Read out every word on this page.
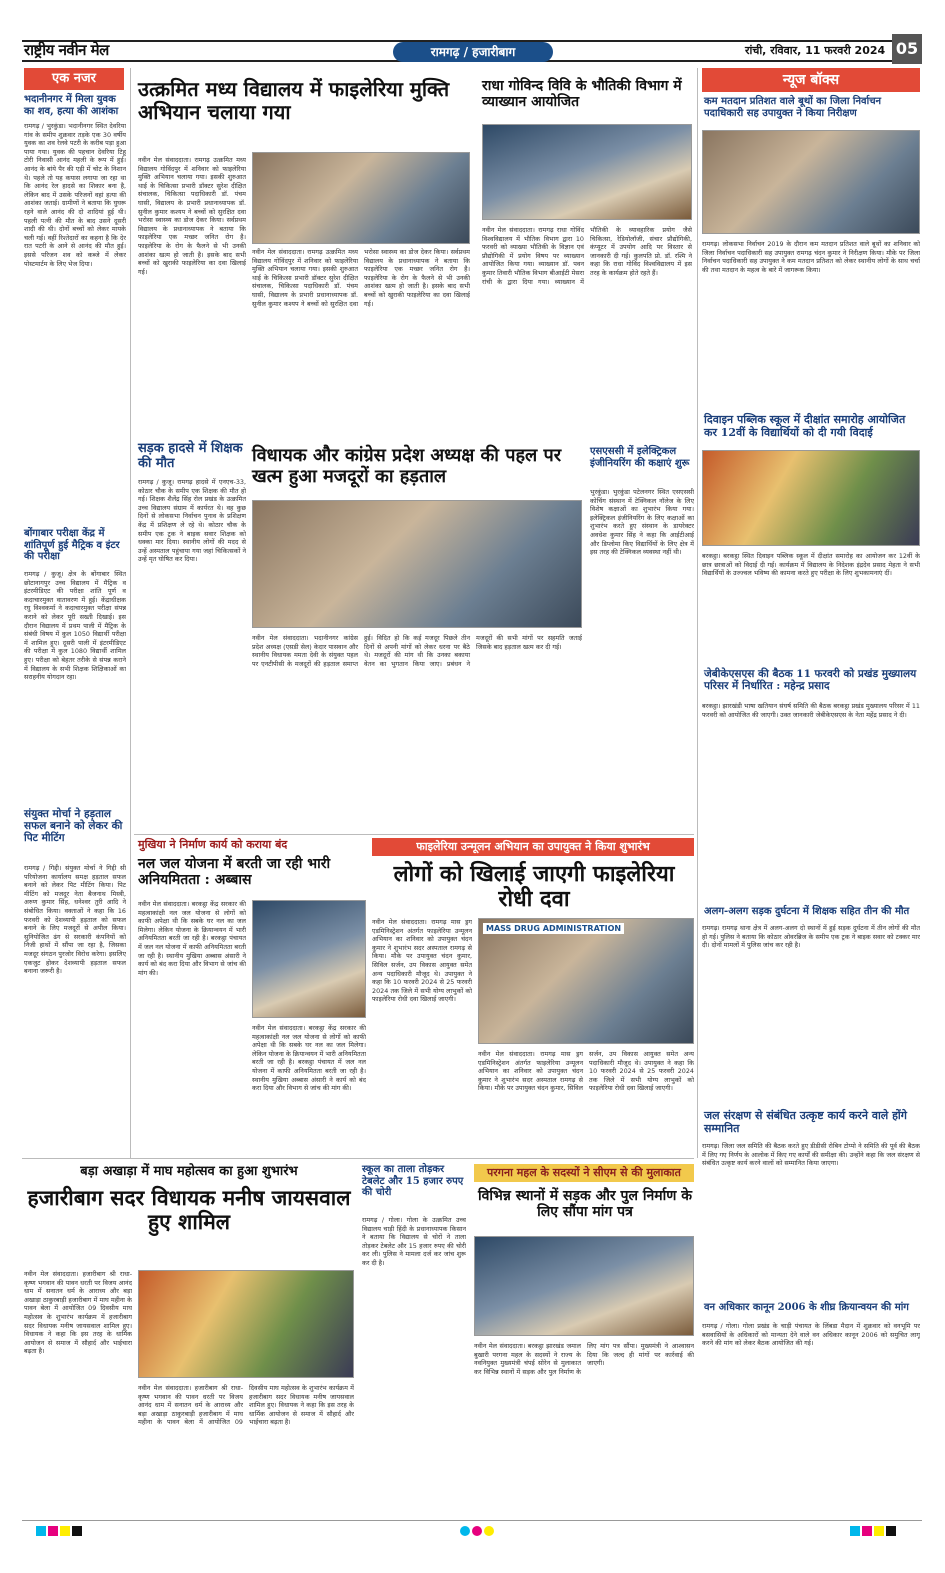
राष्ट्रीय नवीन मेल	रामगढ़ / हजारीबाग	रांची, रविवार, 11 फरवरी 2024 05
एक नजर
भदानीनगर में मिला युवक का शव, हत्या की आशंका
रामगढ़ / भुरकुंडा। भदानीनगर स्थित देवरिया गांव के समीप शुक्रवार तड़के एक 30 वर्षीय युवक का शव रेलवे पटरी के करीब पड़ा हुआ पाया गया। युवक की पहचान देवरिया टिहू टोरी निवासी आनंद महली के रूप में हुई। आनंद के बांये पैर की एड़ी में चोट के निशान थे। पहले तो यह कयास लगाया जा रहा था कि आनंद रेल हादसे का शिकार बना है, लेकिन बाद में उसके परिजनों वहां हत्या की आशंका जताई। ग्रामीणों ने बताया कि घुघरू रहने वाले आनंद की दो शादियां हुई थी। पहली पत्नी की मौत के बाद उसने दूसरी शादी की थी। दोनों बच्चों को लेकर मायके चली गई। वहीं रिश्तेदारों का कहना है कि देर रात पटरी के आने से आनंद की मौत हुई। इससे परिजन शव को कब्जे में लेकर पोस्टमार्टम के लिए भेज दिया।
बोंगाबार परीक्षा केंद्र में शांतिपूर्ण हुई मैट्रिक व इंटर की परीक्षा
रामगढ़ / कुजू। क्षेत्र के बोंगाबार स्थित छोटानागपुर उच्च विद्यालय में मैट्रिक व इंटरमीडिएट की परीक्षा शांति पूर्ण व कदाचारमुक्त वातावरण में हुई। केंद्राधीक्षक रघु विश्वकर्मा ने कदाचारमुक्त परीक्षा संपन्न कराने को लेकर पूरी सख्ती दिखाई। इस दौरान विद्यालय में प्रथम पाली में मैट्रिक के संबंधी विषय में कुल 1050 विद्यार्थी परीक्षा में शामिल हुए। दूसरी पाली में इंटरमीडिएट की परीक्षा में कुल 1080 विद्यार्थी शामिल हुए। परीक्षा को बेहतर तरीके से संपन्न कराने में विद्यालय के सभी शिक्षक शिक्षिकाओं का सराहनीय योगदान रहा।
संयुक्त मोर्चा ने हड़ताल सफल बनाने को लेकर की पिट मीटिंग
रामगढ़ / गिद्दी। संयुक्त मोर्चा ने गिद्दी सी परियोजना कार्यालय समक्ष हड़ताल सफल बनाने को लेकर पिट मीटिंग किया। पिट मीटिंग को मजदूर नेता बैजनाथ मिस्त्री, अरुण कुमार सिंह, धनेश्वर तुरी आदि ने संबोधित किया। वक्ताओं ने कहा कि 16 फरवरी को देशव्यापी हड़ताल को सफल बनाने के लिए मजदूरों से अपील किया। सुनियोजित ढंग से सरकारी कंपनियों को निजी हाथों में सौंपा जा रहा है, जिसका मजदूर संगठन पुरजोर विरोध करेगा। इसलिए एकजुट होकर देशव्यापी हड़ताल सफल बनाना जरूरी है।
उत्क्रमित मध्य विद्यालय में फाइलेरिया मुक्ति अभियान चलाया गया
नवीन मेल संवाददाता। रामगढ़ उत्क्रमित मध्य विद्यालय गोविंदपुर में शनिवार को फाइलेरिया मुक्ति अभियान चलाया गया। इसकी शुरुआत थाई के चिकित्सा प्रभारी डॉक्टर सुरेश दीक्षित संचालक, चिकित्सा पदाधिकारी डॉ. पंचम घासी, विद्यालय के प्रभारी प्रधानाध्यापक डॉ. सुनील कुमार कश्यप ने बच्चों को सुरक्षित दवा भरोसा स्वास्थ्य का डोज देकर किया। सर्वप्रथम विद्यालय के प्रधानाध्यापक ने बताया कि फाइलेरिया एक मच्छर जनित रोग है। फाइलेरिया के रोग के फैलने से भी उनकी आशंका खत्म हो जाती है। इसके बाद सभी बच्चों को खुराकी फाइलेरिया का दवा खिलाई गई।
नवीन मेल संवाददाता। रामगढ़ उत्क्रमित मध्य विद्यालय गोविंदपुर में शनिवार को फाइलेरिया मुक्ति अभियान चलाया गया। इसकी शुरुआत थाई के चिकित्सा प्रभारी डॉक्टर सुरेश दीक्षित संचालक, चिकित्सा पदाधिकारी डॉ. पंचम घासी, विद्यालय के प्रभारी प्रधानाध्यापक डॉ. सुनील कुमार कश्यप ने बच्चों को सुरक्षित दवा भरोसा स्वास्थ्य का डोज देकर किया। सर्वप्रथम विद्यालय के प्रधानाध्यापक ने बताया कि फाइलेरिया एक मच्छर जनित रोग है। फाइलेरिया के रोग के फैलने से भी उनकी आशंका खत्म हो जाती है। इसके बाद सभी बच्चों को खुराकी फाइलेरिया का दवा खिलाई गई।
राधा गोविन्द विवि के भौतिकी विभाग में व्याख्यान आयोजित
नवीन मेल संवाददाता। रामगढ़ राधा गोविंद विश्वविद्यालय में भौतिक विभाग द्वारा 10 फरवरी को व्याख्या भौतिकी के विज्ञान एवं प्रौद्योगिकी में प्रयोग विषय पर व्याख्यान आयोजित किया गया। व्याख्यान डॉ. पवन कुमार तिवारी भौतिक विभाग बीआईटी मेसरा रांची के द्वारा दिया गया। व्याख्यान में भौतिकी के व्यावहारिक प्रयोग जैसे चिकित्सा, रेडियोलॉजी, संचार प्रौद्योगिकी, कंप्यूटर में उपयोग आदि पर विस्तार से जानकारी दी गई। कुलपति प्रो. डॉ. रश्मि ने कहा कि राधा गोविंद विश्वविद्यालय में इस तरह के कार्यक्रम होते रहते हैं।
सड़क हादसे में शिक्षक की मौत
रामगढ़ / कुजू। रामगढ़ हादसे में एनएच-33, कोठार चौक के समीप एक शिक्षक की मौत हो गई। शिक्षक शैलेंद्र सिंह रोल प्रखंड के उत्क्रमित उच्च विद्यालय संग्राम में कार्यरत थे। वह कुछ दिनों से लोकसभा निर्वाचन पुनाव के प्रशिक्षण केंद्र में प्रशिक्षण ले रहे थे। कोठार चौक के समीप एक ट्रक ने बाइक सवार शिक्षक को धक्का मार दिया। स्थानीय लोगों की मदद से उन्हें अस्पताल पहुंचाया गया जहां चिकित्सकों ने उन्हें मृत घोषित कर दिया।
विधायक और कांग्रेस प्रदेश अध्यक्ष की पहल पर खत्म हुआ मजदूरों का हड़ताल
नवीन मेल संवाददाता। भदानीनगर कांग्रेस प्रदेश अध्यक्ष (एसडी सेल) केदार पासवान और स्थानीय विधायक ममता देवी के संयुक्त पहल पर एनटीपीसी के मजदूरों की हड़ताल समाप्त हुई। विदित हो कि कई मजदूर पिछले तीन दिनों से अपनी मांगों को लेकर धरना पर बैठे थे। मजदूरों की मांग थी कि उनका बकाया वेतन का भुगतान किया जाए। प्रबंधन ने मजदूरों की सभी मांगों पर सहमति जताई जिसके बाद हड़ताल खत्म कर दी गई।
एसएससी में इलेक्ट्रिकल इंजीनियरिंग की कक्षाएं शुरू
भुरकुंडा। भुरकुंडा पटेलनगर स्थित एसएससी कोचिंग संस्थान में टेक्निकल नॉलेज के लिए विशेष कक्षाओं का शुभारंभ किया गया। इलेक्ट्रिकल इंजीनियरिंग के लिए कक्षाओं का शुभारंभ करते हुए संस्थान के डायरेक्टर अवधेश कुमार सिंह ने कहा कि आईटीआई और डिप्लोमा किए विद्यार्थियों के लिए क्षेत्र में इस तरह की टेक्निकल व्यवस्था नहीं थी।
मुखिया ने निर्माण कार्य को कराया बंद
नल जल योजना में बरती जा रही भारी अनियमितता : अब्बास
नवीन मेल संवाददाता। बरकट्ठा केंद्र सरकार की महत्वाकांक्षी नल जल योजना से लोगों को काफी अपेक्षा थी कि सबके घर नल का जल मिलेगा। लेकिन योजना के क्रियान्वयन में भारी अनियमितता बरती जा रही है। बरकट्ठा पंचायत में जल नल योजना में काफी अनियमितता बरती जा रही है। स्थानीय मुखिया अब्बास अंसारी ने कार्य को बंद करा दिया और विभाग से जांच की मांग की।
नवीन मेल संवाददाता। बरकट्ठा केंद्र सरकार की महत्वाकांक्षी नल जल योजना से लोगों को काफी अपेक्षा थी कि सबके घर नल का जल मिलेगा। लेकिन योजना के क्रियान्वयन में भारी अनियमितता बरती जा रही है। बरकट्ठा पंचायत में जल नल योजना में काफी अनियमितता बरती जा रही है। स्थानीय मुखिया अब्बास अंसारी ने कार्य को बंद करा दिया और विभाग से जांच की मांग की।
फाइलेरिया उन्मूलन अभियान का उपायुक्त ने किया शुभारंभ
लोगों को खिलाई जाएगी फाइलेरिया रोधी दवा
नवीन मेल संवाददाता। रामगढ़ मास ड्रग एडमिनिस्ट्रेशन अंतर्गत फाइलेरिया उन्मूलन अभियान का शनिवार को उपायुक्त चंदन कुमार ने शुभारंभ सदर अस्पताल रामगढ़ से किया। मौके पर उपायुक्त चंदन कुमार, सिविल सर्जन, उप विकास आयुक्त समेत अन्य पदाधिकारी मौजूद थे। उपायुक्त ने कहा कि 10 फरवरी 2024 से 25 फरवरी 2024 तक जिले में सभी योग्य लाभुकों को फाइलेरिया रोधी दवा खिलाई जाएगी।
MASS DRUG ADMINISTRATION
नवीन मेल संवाददाता। रामगढ़ मास ड्रग एडमिनिस्ट्रेशन अंतर्गत फाइलेरिया उन्मूलन अभियान का शनिवार को उपायुक्त चंदन कुमार ने शुभारंभ सदर अस्पताल रामगढ़ से किया। मौके पर उपायुक्त चंदन कुमार, सिविल सर्जन, उप विकास आयुक्त समेत अन्य पदाधिकारी मौजूद थे। उपायुक्त ने कहा कि 10 फरवरी 2024 से 25 फरवरी 2024 तक जिले में सभी योग्य लाभुकों को फाइलेरिया रोधी दवा खिलाई जाएगी।
बड़ा अखाड़ा में माघ महोत्सव का हुआ शुभारंभ
हजारीबाग सदर विधायक मनीष जायसवाल हुए शामिल
नवीन मेल संवाददाता। हजारीबाग श्री राधा-कृष्ण भगवान की पावन धरती पर विजय आनंद धाम में सनातन धर्म के आराध्य और बड़ा अखाड़ा ठाकुरबाड़ी हजारीबाग में माघ महीना के पावन बेला में आयोजित 09 दिवसीय माघ महोत्सव के शुभारंभ कार्यक्रम में हजारीबाग सदर विधायक मनीष जायसवाल शामिल हुए। विधायक ने कहा कि इस तरह के धार्मिक आयोजन से समाज में सौहार्द और भाईचारा बढ़ता है।
नवीन मेल संवाददाता। हजारीबाग श्री राधा-कृष्ण भगवान की पावन धरती पर विजय आनंद धाम में सनातन धर्म के आराध्य और बड़ा अखाड़ा ठाकुरबाड़ी हजारीबाग में माघ महीना के पावन बेला में आयोजित 09 दिवसीय माघ महोत्सव के शुभारंभ कार्यक्रम में हजारीबाग सदर विधायक मनीष जायसवाल शामिल हुए। विधायक ने कहा कि इस तरह के धार्मिक आयोजन से समाज में सौहार्द और भाईचारा बढ़ता है।
स्कूल का ताला तोड़कर टेबलेट और 15 हजार रुपए की चोरी
रामगढ़ / गोला। गोला के उत्क्रमित उच्च विद्यालय चाड़ी हिंदी के प्रधानाध्यापक किसान ने बताया कि विद्यालय से चोरों ने ताला तोड़कर टेबलेट और 15 हजार रुपए की चोरी कर ली। पुलिस ने मामला दर्ज कर जांच शुरू कर दी है।
परगना महल के सदस्यों ने सीएम से की मुलाकात
विभिन्न स्थानों में सड़क और पुल निर्माण के लिए सौंपा मांग पत्र
नवीन मेल संवाददाता। बरकट्ठा झारखंड जमाल बुखारी परगना महल के सदस्यों ने राज्य के नवनियुक्त मुख्यमंत्री चंपई सोरेन से मुलाकात कर विभिन्न स्थानों में सड़क और पुल निर्माण के लिए मांग पत्र सौंपा। मुख्यमंत्री ने आश्वासन दिया कि जल्द ही मांगों पर कार्रवाई की जाएगी।
न्यूज बॉक्स
कम मतदान प्रतिशत वाले बूथों का जिला निर्वाचन पदाधिकारी सह उपायुक्त ने किया निरीक्षण
रामगढ़। लोकसभा निर्वाचन 2019 के दौरान कम मतदान प्रतिशत वाले बूथों का शनिवार को जिला निर्वाचन पदाधिकारी सह उपायुक्त रामगढ़ चंदन कुमार ने निरीक्षण किया। मौके पर जिला निर्वाचन पदाधिकारी सह उपायुक्त ने कम मतदान प्रतिशत को लेकर स्थानीय लोगों के साथ चर्चा की तथा मतदान के महत्व के बारे में जागरूक किया।
दिवाइन पब्लिक स्कूल में दीक्षांत समारोह आयोजित कर 12वीं के विद्यार्थियों को दी गयी विदाई
बरकट्ठा। बरकट्ठा स्थित दिवाइन पब्लिक स्कूल में दीक्षांत समारोह का आयोजन कर 12वीं के छात्र छात्राओं को विदाई दी गई। कार्यक्रम में विद्यालय के निदेशक इंद्रदेव प्रसाद मेहता ने सभी विद्यार्थियों के उज्ज्वल भविष्य की कामना करते हुए परीक्षा के लिए शुभकामनाएं दीं।
जेबीकेएसएस की बैठक 11 फरवरी को प्रखंड मुख्यालय परिसर में निर्धारित : महेन्द्र प्रसाद
बरकट्ठा। झारखंडी भाषा खतियान संघर्ष समिति की बैठक बरकट्ठा प्रखंड मुख्यालय परिसर में 11 फरवरी को आयोजित की जाएगी। उक्त जानकारी जेबीकेएसएस के नेता महेंद्र प्रसाद ने दी।
अलग-अलग सड़क दुर्घटना में शिक्षक सहित तीन की मौत
रामगढ़। रामगढ़ थाना क्षेत्र में अलग-अलग दो स्थानों में हुई सड़क दुर्घटना में तीन लोगों की मौत हो गई। पुलिस ने बताया कि कोठार ओवरब्रिज के समीप एक ट्रक ने बाइक सवार को टक्कर मार दी। दोनों मामलों में पुलिस जांच कर रही है।
जल संरक्षण से संबंधित उत्कृष्ट कार्य करने वाले होंगे सम्मानित
रामगढ़। जिला जल समिति की बैठक करते हुए डीडीसी रोबिन टोप्पो ने समिति की पूर्व की बैठक में लिए गए निर्णय के आलोक में किए गए कार्यों की समीक्षा की। उन्होंने कहा कि जल संरक्षण से संबंधित उत्कृष्ट कार्य करने वालों को सम्मानित किया जाएगा।
वन अधिकार कानून 2006 के शीघ्र क्रियान्वयन की मांग
रामगढ़ / गोला। गोला प्रखंड के चाड़ी पंचायत के लिंबडा मैदान में शुक्रवार को वनभूमि पर बसवासियों के अधिकारों को मान्यता देने वाले वन अधिकार कानून 2006 को समुचित लागू करने की मांग को लेकर बैठक आयोजित की गई।
